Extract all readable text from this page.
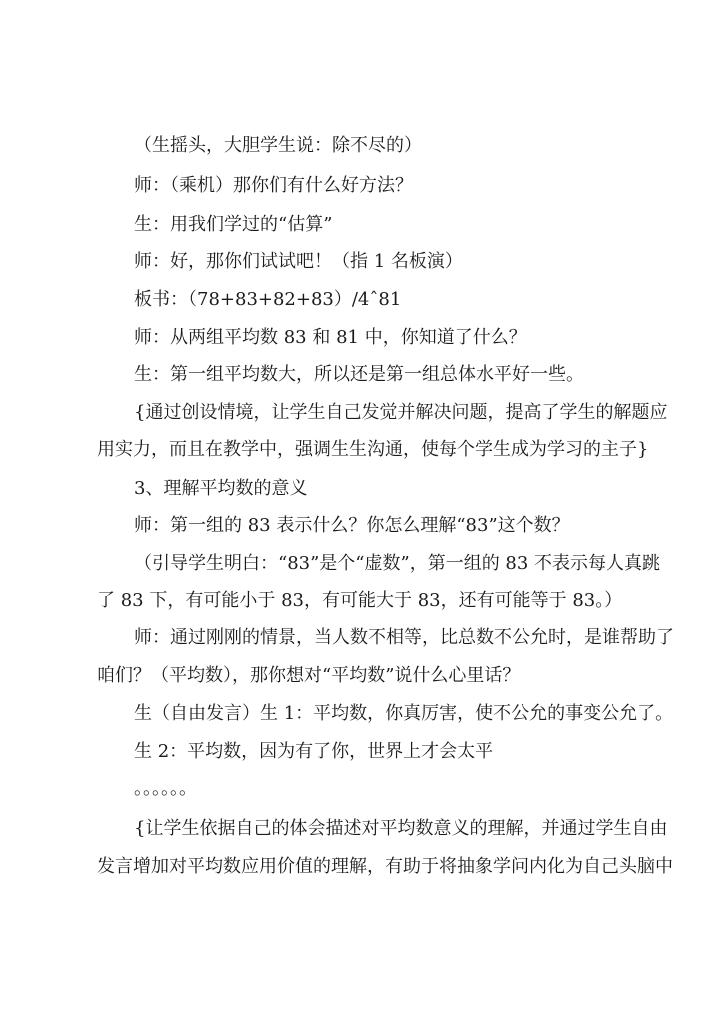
（生摇头，大胆学生说：除不尽的）
师：（乘机）那你们有什么好方法？
生：用我们学过的“估算”
师：好，那你们试试吧！（指 1 名板演）
板书：（78+83+82+83）/4ˆ81
师：从两组平均数 83 和 81 中，你知道了什么？
生：第一组平均数大，所以还是第一组总体水平好一些。
{通过创设情境，让学生自己发觉并解决问题，提高了学生的解题应
用实力，而且在教学中，强调生生沟通，使每个学生成为学习的主子}
3、理解平均数的意义
师：第一组的 83 表示什么？你怎么理解“83”这个数？
（引导学生明白：“83”是个“虚数”，第一组的 83 不表示每人真跳
了 83 下，有可能小于 83，有可能大于 83，还有可能等于 83。）
师：通过刚刚的情景，当人数不相等，比总数不公允时，是谁帮助了
咱们？（平均数），那你想对“平均数”说什么心里话？
生（自由发言）生 1：平均数，你真厉害，使不公允的事变公允了。
生 2：平均数，因为有了你，世界上才会太平
。。。。。。
{让学生依据自己的体会描述对平均数意义的理解，并通过学生自由
发言增加对平均数应用价值的理解，有助于将抽象学问内化为自己头脑中
